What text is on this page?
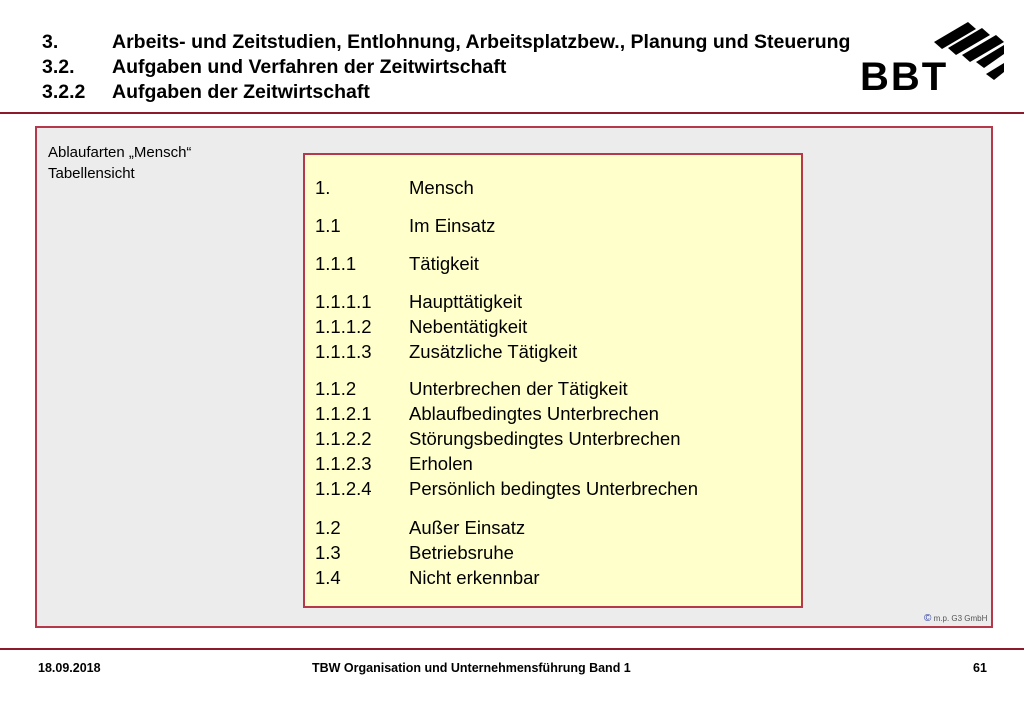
3.	Arbeits- und Zeitstudien, Entlohnung, Arbeitsplatzbew., Planung und Steuerung
3.2.	Aufgaben und Verfahren der Zeitwirtschaft
3.2.2	Aufgaben der Zeitwirtschaft	BBT
Ablaufarten „Mensch“
Tabellensicht
1.	Mensch
1.1	Im Einsatz
1.1.1	Tätigkeit
1.1.1.1	Haupttätigkeit
1.1.1.2	Nebentätigkeit
1.1.1.3	Zusätzliche Tätigkeit
1.1.2	Unterbrechen der Tätigkeit
1.1.2.1	Ablaufbedingtes Unterbrechen
1.1.2.2	Störungsbedingtes Unterbrechen
1.1.2.3	Erholen
1.1.2.4	Persönlich bedingtes Unterbrechen
1.2	Außer Einsatz
1.3	Betriebsruhe
1.4	Nicht erkennbar
© m.p. G3 GmbH
18.09.2018	TBW Organisation und Unternehmensführung Band 1	61
